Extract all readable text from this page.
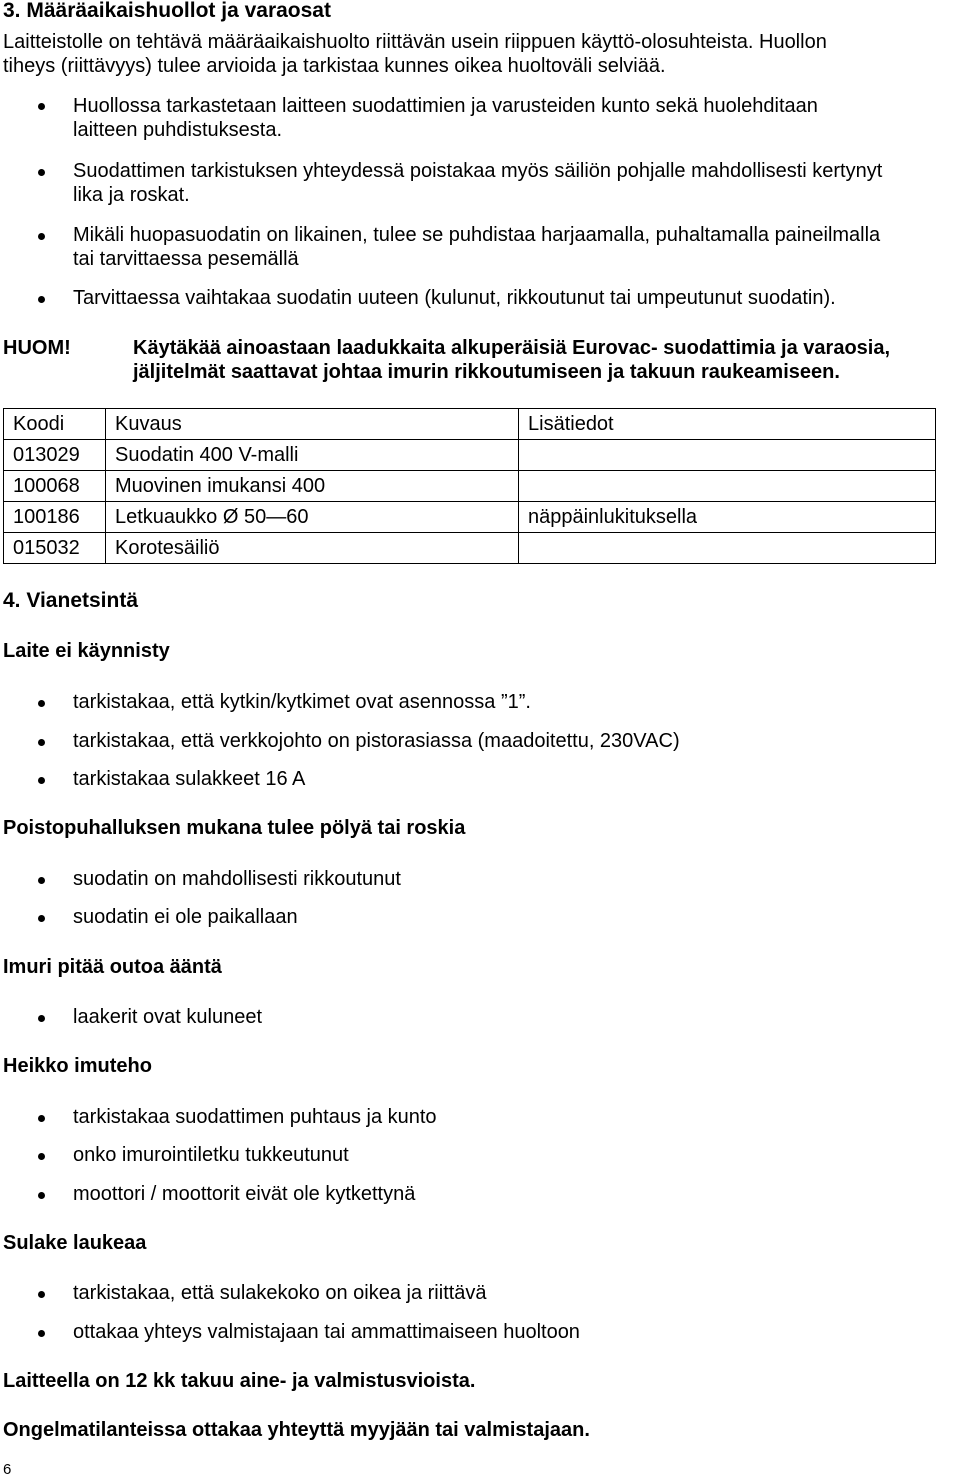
3. Määräaikaishuollot ja varaosat
Laitteistolle on tehtävä määräaikaishuolto riittävän usein riippuen käyttö-olosuhteista. Huollon
tiheys (riittävyys) tulee arvioida ja tarkistaa kunnes oikea huoltoväli selviää.
Huollossa tarkastetaan laitteen suodattimien ja varusteiden kunto sekä huolehditaan
laitteen puhdistuksesta.
Suodattimen tarkistuksen yhteydessä poistakaa myös säiliön pohjalle mahdollisesti kertynyt
lika ja roskat.
Mikäli huopasuodatin on likainen, tulee se puhdistaa harjaamalla, puhaltamalla paineilmalla
tai tarvittaessa pesemällä
Tarvittaessa vaihtakaa suodatin uuteen (kulunut, rikkoutunut tai umpeutunut suodatin).
HUOM!	Käytäkää ainoastaan laadukkaita alkuperäisiä Eurovac- suodattimia ja varaosia,
jäljitelmät saattavat johtaa imurin rikkoutumiseen ja takuun raukeamiseen.
Koodi	Kuvaus	Lisätiedot
013029	Suodatin 400 V-malli	
100068	Muovinen imukansi 400	
100186	Letkuaukko Ø 50—60	näppäinlukituksella
015032	Korotesäiliö	
4. Vianetsintä
Laite ei käynnisty
tarkistakaa, että kytkin/kytkimet ovat asennossa ”1”.
tarkistakaa, että verkkojohto on pistorasiassa (maadoitettu, 230VAC)
tarkistakaa sulakkeet 16 A
Poistopuhalluksen mukana tulee pölyä tai roskia
suodatin on mahdollisesti rikkoutunut
suodatin ei ole paikallaan
Imuri pitää outoa ääntä
laakerit ovat kuluneet
Heikko imuteho
tarkistakaa suodattimen puhtaus ja kunto
onko imurointiletku tukkeutunut
moottori / moottorit eivät ole kytkettynä
Sulake laukeaa
tarkistakaa, että sulakekoko on oikea ja riittävä
ottakaa yhteys valmistajaan tai ammattimaiseen huoltoon
Laitteella on 12 kk takuu aine- ja valmistusvioista.
Ongelmatilanteissa ottakaa yhteyttä myyjään tai valmistajaan.
6
